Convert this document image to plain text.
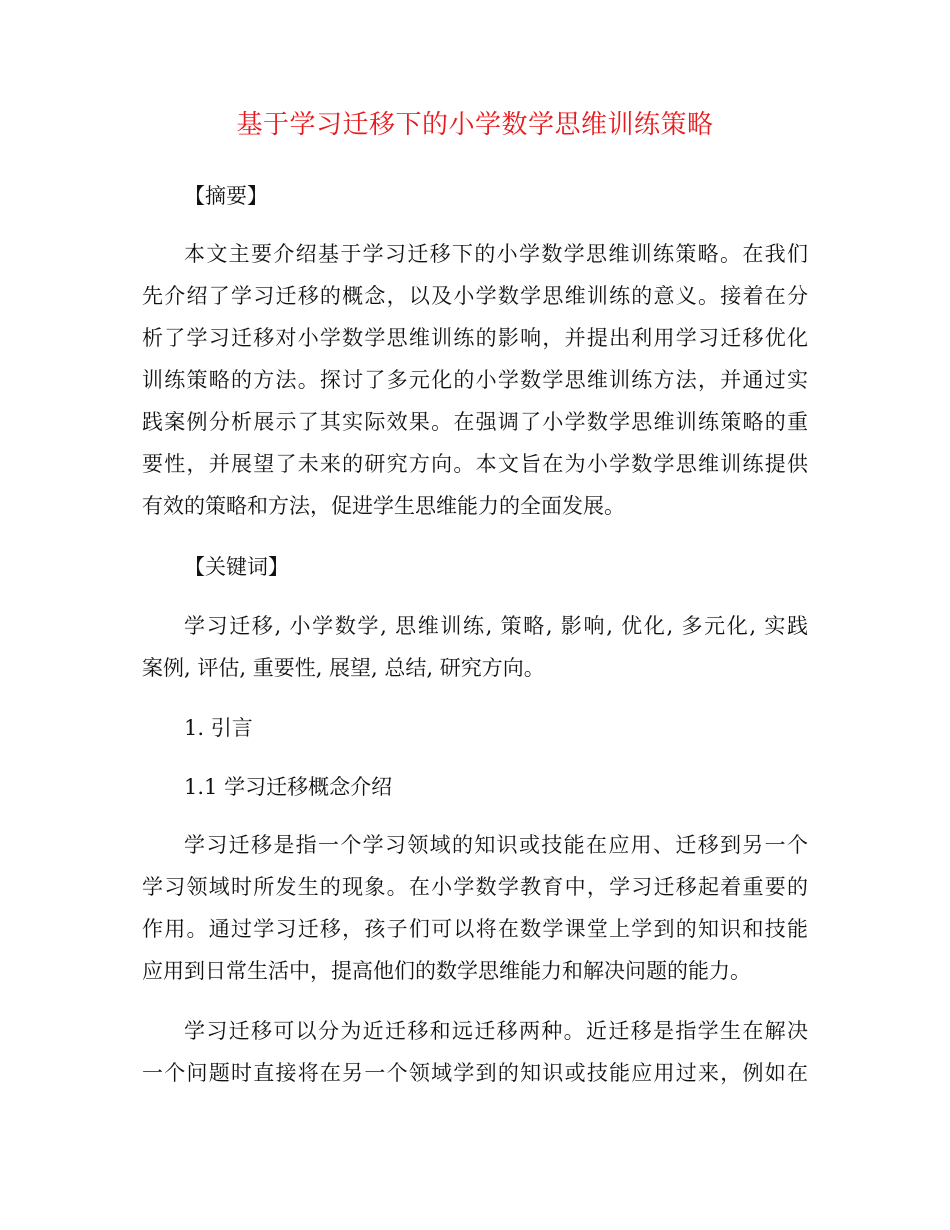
基于学习迁移下的小学数学思维训练策略
【摘要】
本文主要介绍基于学习迁移下的小学数学思维训练策略。在我们
先介绍了学习迁移的概念，以及小学数学思维训练的意义。接着在分
析了学习迁移对小学数学思维训练的影响，并提出利用学习迁移优化
训练策略的方法。探讨了多元化的小学数学思维训练方法，并通过实
践案例分析展示了其实际效果。在强调了小学数学思维训练策略的重
要性，并展望了未来的研究方向。本文旨在为小学数学思维训练提供
有效的策略和方法，促进学生思维能力的全面发展。
【关键词】
学习迁移, 小学数学, 思维训练, 策略, 影响, 优化, 多元化, 实践
案例, 评估, 重要性, 展望, 总结, 研究方向。
1. 引言
1.1 学习迁移概念介绍
学习迁移是指一个学习领域的知识或技能在应用、迁移到另一个
学习领域时所发生的现象。在小学数学教育中，学习迁移起着重要的
作用。通过学习迁移，孩子们可以将在数学课堂上学到的知识和技能
应用到日常生活中，提高他们的数学思维能力和解决问题的能力。
学习迁移可以分为近迁移和远迁移两种。近迁移是指学生在解决
一个问题时直接将在另一个领域学到的知识或技能应用过来，例如在
